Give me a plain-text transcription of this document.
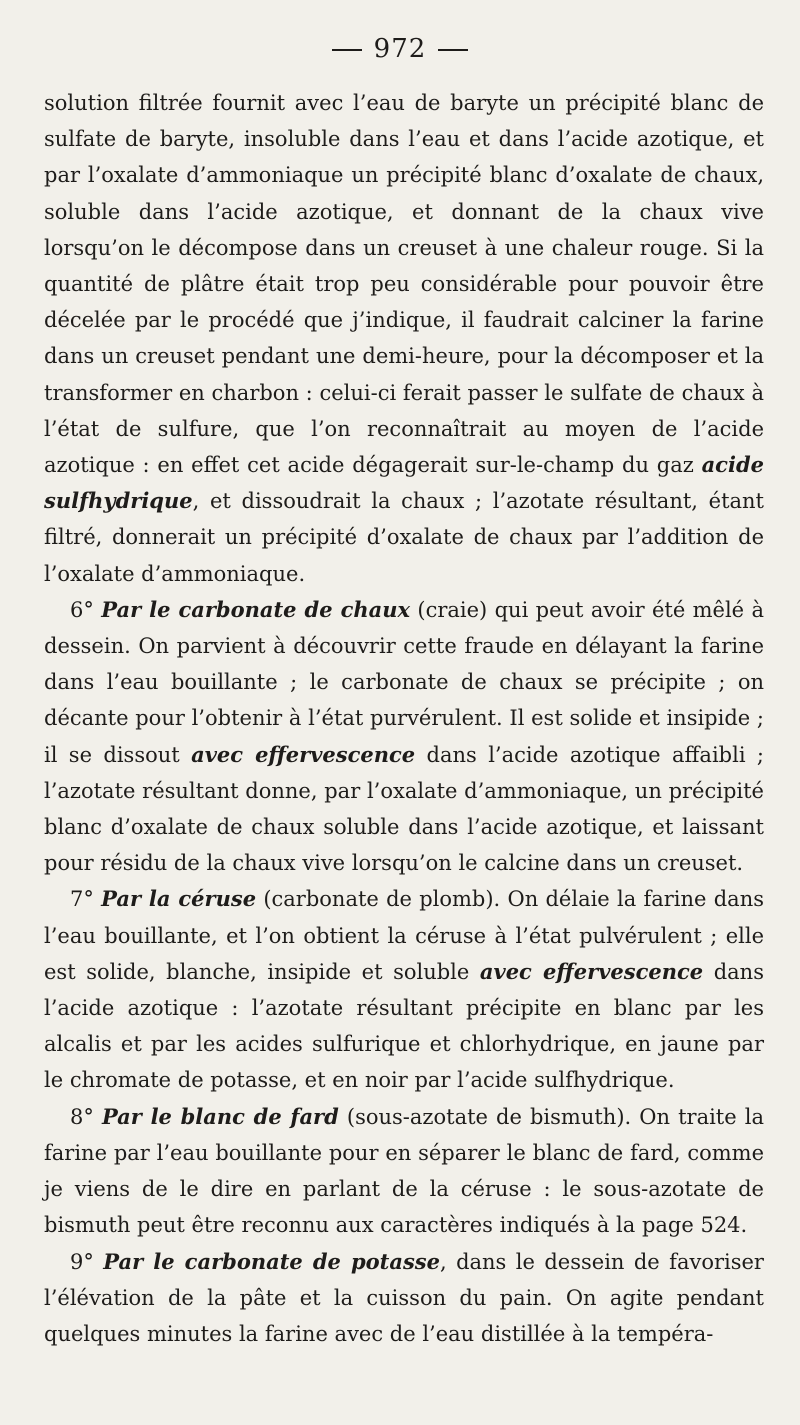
972

solution filtrée fournit avec l’eau de baryte un précipité blanc de sulfate de baryte, insoluble dans l’eau et dans l’acide azotique, et par l’oxalate d’ammoniaque un précipité blanc d’oxalate de chaux, soluble dans l’acide azotique, et donnant de la chaux vive lorsqu’on le décompose dans un creuset à une chaleur rouge. Si la quantité de plâtre était trop peu considérable pour pouvoir être décelée par le procédé que j’indique, il faudrait calciner la farine dans un creuset pendant une demi-heure, pour la décomposer et la transformer en charbon : celui-ci ferait passer le sulfate de chaux à l’état de sulfure, que l’on reconnaîtrait au moyen de l’acide azotique : en effet cet acide dégagerait sur-le-champ du gaz acide sulfhydrique, et dissoudrait la chaux ; l’azotate résultant, étant filtré, donnerait un précipité d’oxalate de chaux par l’addition de l’oxalate d’ammoniaque.

6° Par le carbonate de chaux (craie) qui peut avoir été mêlé à dessein. On parvient à découvrir cette fraude en délayant la farine dans l’eau bouillante ; le carbonate de chaux se précipite ; on décante pour l’obtenir à l’état purvérulent. Il est solide et insipide ; il se dissout avec effervescence dans l’acide azotique affaibli ; l’azotate résultant donne, par l’oxalate d’ammoniaque, un précipité blanc d’oxalate de chaux soluble dans l’acide azotique, et laissant pour résidu de la chaux vive lorsqu’on le calcine dans un creuset.

7° Par la céruse (carbonate de plomb). On délaie la farine dans l’eau bouillante, et l’on obtient la céruse à l’état pulvérulent ; elle est solide, blanche, insipide et soluble avec effervescence dans l’acide azotique : l’azotate résultant précipite en blanc par les alcalis et par les acides sulfurique et chlorhydrique, en jaune par le chromate de potasse, et en noir par l’acide sulfhydrique.

8° Par le blanc de fard (sous-azotate de bismuth). On traite la farine par l’eau bouillante pour en séparer le blanc de fard, comme je viens de le dire en parlant de la céruse : le sous-azotate de bismuth peut être reconnu aux caractères indiqués à la page 524.

9° Par le carbonate de potasse, dans le dessein de favoriser l’élévation de la pâte et la cuisson du pain. On agite pendant quelques minutes la farine avec de l’eau distillée à la tempéra-
